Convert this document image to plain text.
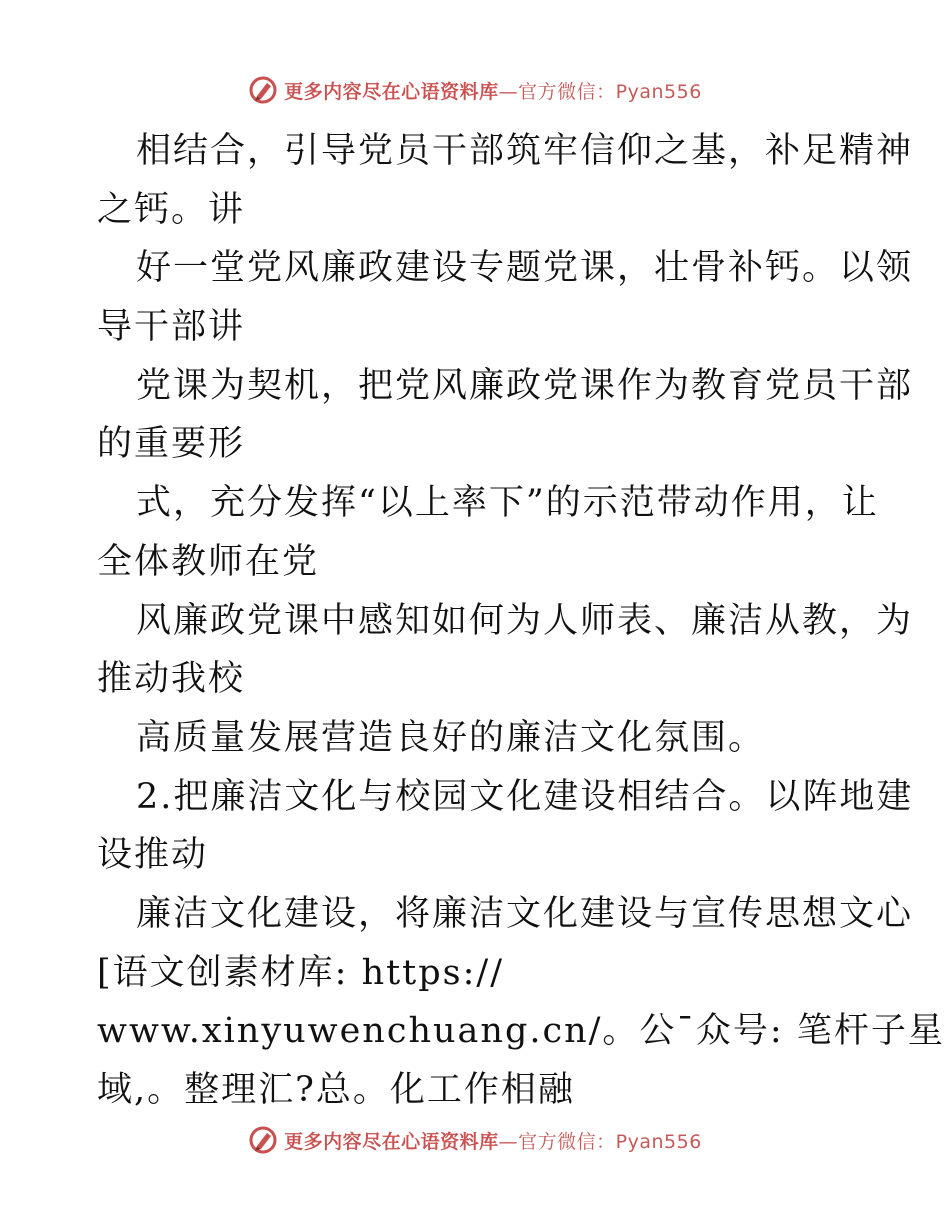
更多内容尽在心语资料库—官方微信：Pyan556
相结合，引导党员干部筑牢信仰之基，补足精神
之钙。讲
好一堂党风廉政建设专题党课，壮骨补钙。以领
导干部讲
党课为契机，把党风廉政党课作为教育党员干部
的重要形
式，充分发挥“以上率下”的示范带动作用，让
全体教师在党
风廉政党课中感知如何为人师表、廉洁从教，为
推动我校
高质量发展营造良好的廉洁文化氛围。
2.把廉洁文化与校园文化建设相结合。以阵地建
设推动
廉洁文化建设，将廉洁文化建设与宣传思想文心
[语文创素材库: https://
www.xinyuwenchuang.cn/。公¯众号: 笔杆子星
域,。整理汇?总。化工作相融
更多内容尽在心语资料库—官方微信：Pyan556
